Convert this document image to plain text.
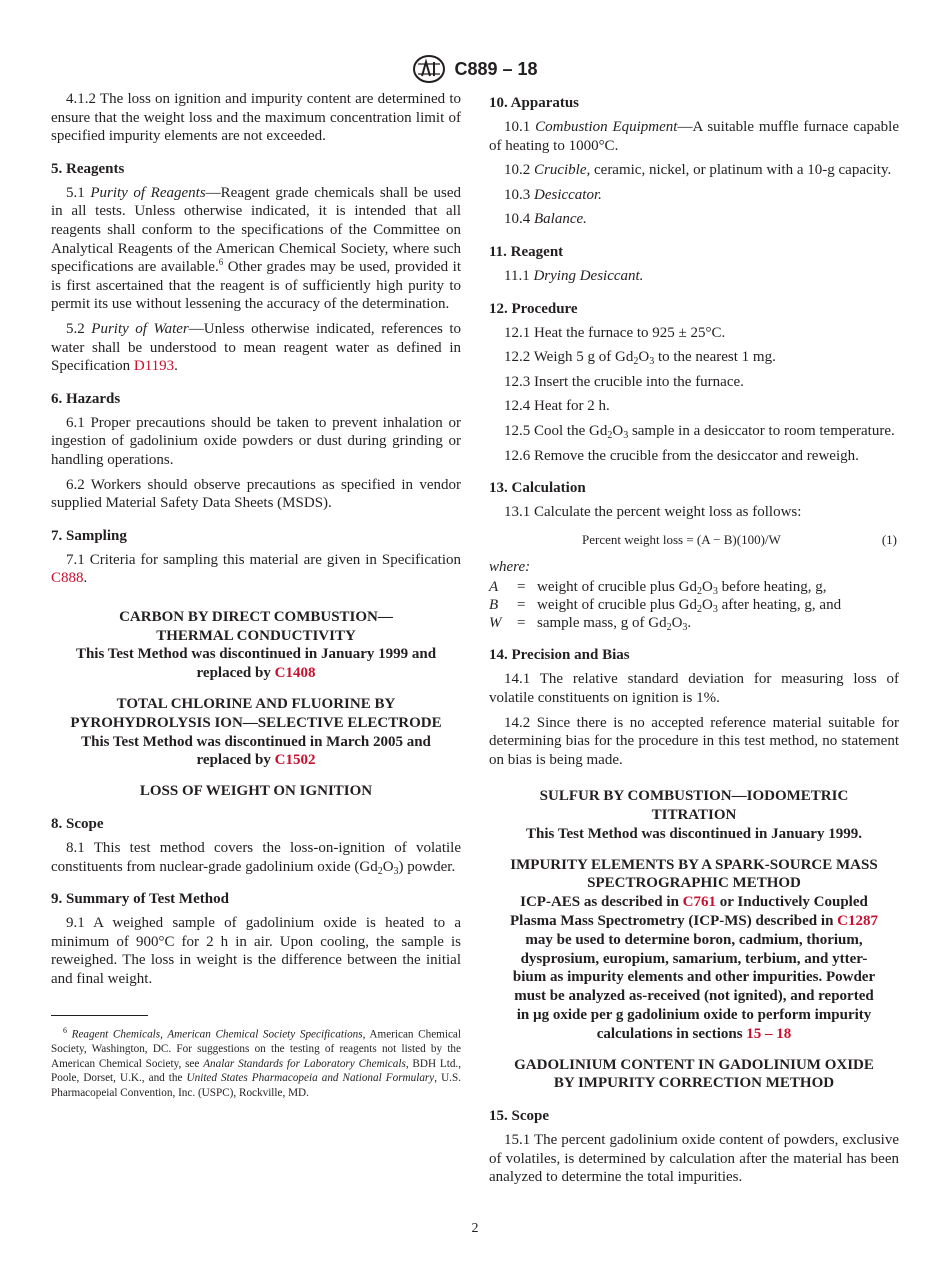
C889 – 18

4.1.2 The loss on ignition and impurity content are determined to ensure that the weight loss and the maximum concentration limit of specified impurity elements are not exceeded.

5. Reagents

5.1 Purity of Reagents—Reagent grade chemicals shall be used in all tests. Unless otherwise indicated, it is intended that all reagents shall conform to the specifications of the Committee on Analytical Reagents of the American Chemical Society, where such specifications are available.$^6$ Other grades may be used, provided it is first ascertained that the reagent is of sufficiently high purity to permit its use without lessening the accuracy of the determination.

5.2 Purity of Water—Unless otherwise indicated, references to water shall be understood to mean reagent water as defined in Specification D1193.

6. Hazards

6.1 Proper precautions should be taken to prevent inhalation or ingestion of gadolinium oxide powders or dust during grinding or handling operations.

6.2 Workers should observe precautions as specified in vendor supplied Material Safety Data Sheets (MSDS).

7. Sampling

7.1 Criteria for sampling this material are given in Specification C888.

CARBON BY DIRECT COMBUSTION—
THERMAL CONDUCTIVITY
This Test Method was discontinued in January 1999 and
replaced by C1408
TOTAL CHLORINE AND FLUORINE BY
PYROHYDROLYSIS ION—SELECTIVE ELECTRODE
This Test Method was discontinued in March 2005 and
replaced by C1502
LOSS OF WEIGHT ON IGNITION
8. Scope

8.1 This test method covers the loss-on-ignition of volatile constituents from nuclear-grade gadolinium oxide $(Gd_2O_3)$ powder.

9. Summary of Test Method

9.1 A weighed sample of gadolinium oxide is heated to a minimum of 900°C for 2 h in air. Upon cooling, the sample is reweighed. The loss in weight is the difference between the initial and final weight.

$^6$ Reagent Chemicals, American Chemical Society Specifications, American Chemical Society, Washington, DC. For suggestions on the testing of reagents not listed by the American Chemical Society, see Analar Standards for Laboratory Chemicals, BDH Ltd., Poole, Dorset, U.K., and the United States Pharmacopeia and National Formulary, U.S. Pharmacopeial Convention, Inc. (USPC), Rockville, MD.
10. Apparatus

10.1 Combustion Equipment—A suitable muffle furnace capable of heating to 1000°C.

10.2 Crucible, ceramic, nickel, or platinum with a 10-g capacity.

10.3 Desiccator.

10.4 Balance.

11. Reagent

11.1 Drying Desiccant.

12. Procedure

12.1 Heat the furnace to 925 ± 25°C.

12.2 Weigh 5 g of $Gd_2O_3$ to the nearest 1 mg.

12.3 Insert the crucible into the furnace.

12.4 Heat for 2 h.

12.5 Cool the $Gd_2O_3$ sample in a desiccator to room temperature.

12.6 Remove the crucible from the desiccator and reweigh.

13. Calculation

13.1 Calculate the percent weight loss as follows:

Percent weight loss = (A − B)(100)/W	(1)
where:
A	= weight of crucible plus $Gd_2O_3$ before heating, g,
B	= weight of crucible plus $Gd_2O_3$ after heating, g, and
W	= sample mass, g of $Gd_2O_3$.
14. Precision and Bias

14.1 The relative standard deviation for measuring loss of volatile constituents on ignition is 1%.

14.2 Since there is no accepted reference material suitable for determining bias for the procedure in this test method, no statement on bias is being made.

SULFUR BY COMBUSTION—IODOMETRIC
TITRATION
This Test Method was discontinued in January 1999.
IMPURITY ELEMENTS BY A SPARK-SOURCE MASS
SPECTROGRAPHIC METHOD
ICP-AES as described in C761 or Inductively Coupled
Plasma Mass Spectrometry (ICP-MS) described in C1287
may be used to determine boron, cadmium, thorium,
dysprosium, europium, samarium, terbium, and ytter-
bium as impurity elements and other impurities. Powder
must be analyzed as-received (not ignited), and reported
in µg oxide per g gadolinium oxide to perform impurity
calculations in sections 15 – 18
GADOLINIUM CONTENT IN GADOLINIUM OXIDE
BY IMPURITY CORRECTION METHOD
15. Scope

15.1 The percent gadolinium oxide content of powders, exclusive of volatiles, is determined by calculation after the material has been analyzed to determine the total impurities.

2
